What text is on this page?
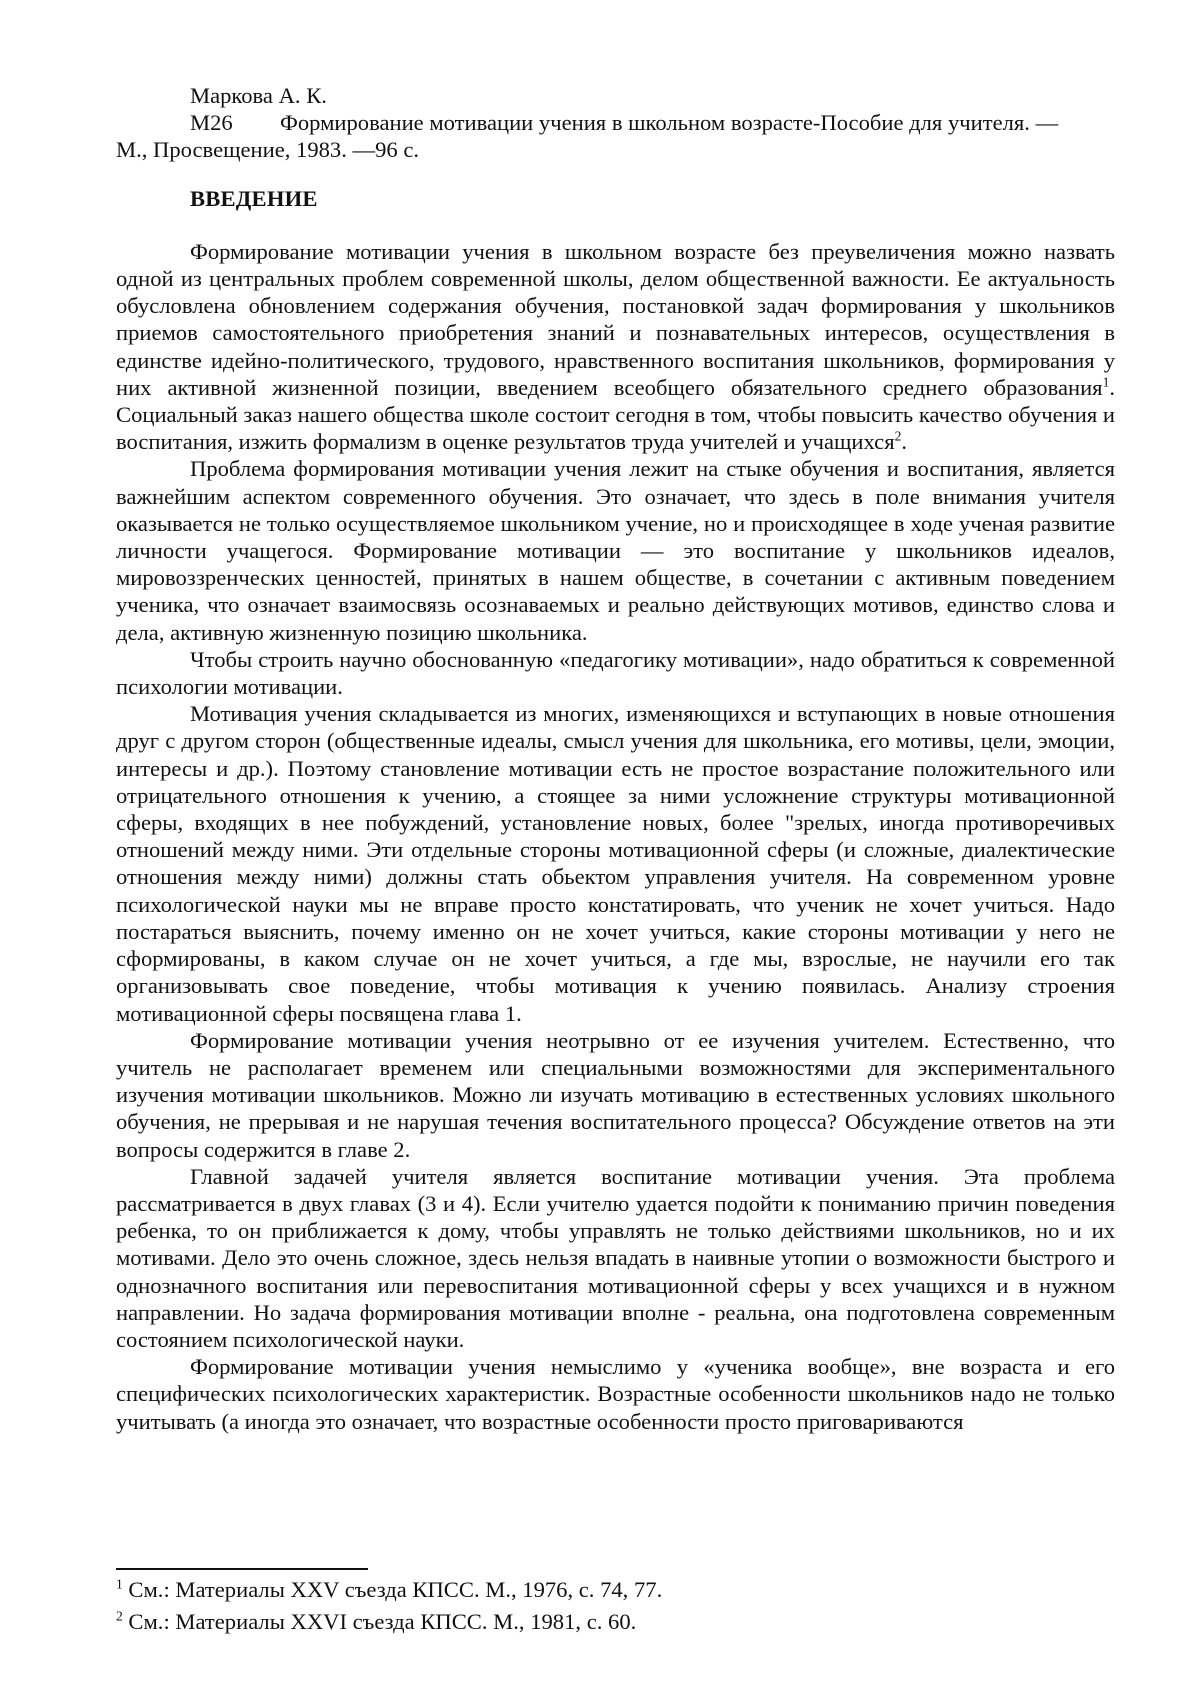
Маркова А. К.

М26 Формирование мотивации учения в школьном возрасте-Пособие для учителя. —

М., Просвещение, 1983. —96 с.

ВВЕДЕНИЕ

Формирование мотивации учения в школьном возрасте без преувеличения можно назвать одной из центральных проблем современной школы, делом общественной важности. Ее актуальность обусловлена обновлением содержания обучения, постановкой задач формирования у школьников приемов самостоятельного приобретения знаний и познавательных интересов, осуществления в единстве идейно-политического, трудового, нравственного воспитания школьников, формирования у них активной жизненной позиции, введением всеобщего обязательного среднего образования$^1$. Социальный заказ нашего общества школе состоит сегодня в том, чтобы повысить качество обучения и воспитания, изжить формализм в оценке результатов труда учителей и учащихся$^2$.

Проблема формирования мотивации учения лежит на стыке обучения и воспитания, является важнейшим аспектом современного обучения. Это означает, что здесь в поле внимания учителя оказывается не только осуществляемое школьником учение, но и происходящее в ходе ученая развитие личности учащегося. Формирование мотивации — это воспитание у школьников идеалов, мировоззренческих ценностей, принятых в нашем обществе, в сочетании с активным поведением ученика, что означает взаимосвязь осознаваемых и реально действующих мотивов, единство слова и дела, активную жизненную позицию школьника.

Чтобы строить научно обоснованную «педагогику мотивации», надо обратиться к современной психологии мотивации.

Мотивация учения складывается из многих, изменяющихся и вступающих в новые отношения друг с другом сторон (общественные идеалы, смысл учения для школьника, его мотивы, цели, эмоции, интересы и др.). Поэтому становление мотивации есть не простое возрастание положительного или отрицательного отношения к учению, а стоящее за ними усложнение структуры мотивационной сферы, входящих в нее побуждений, установление новых, более "зрелых, иногда противоречивых отношений между ними. Эти отдельные стороны мотивационной сферы (и сложные, диалектические отношения между ними) должны стать обьектом управления учителя. На современном уровне психологической науки мы не вправе просто констатировать, что ученик не хочет учиться. Надо постараться выяснить, почему именно он не хочет учиться, какие стороны мотивации у него не сформированы, в каком случае он не хочет учиться, а где мы, взрослые, не научили его так организовывать свое поведение, чтобы мотивация к учению появилась. Анализу строения мотивационной сферы посвящена глава 1.

Формирование мотивации учения неотрывно от ее изучения учителем. Естественно, что учитель не располагает временем или специальными возможностями для экспериментального изучения мотивации школьников. Можно ли изучать мотивацию в естественных условиях школьного обучения, не прерывая и не нарушая течения воспитательного процесса? Обсуждение ответов на эти вопросы содержится в главе 2.

Главной задачей учителя является воспитание мотивации учения. Эта проблема рассматривается в двух главах (3 и 4). Если учителю удается подойти к пониманию причин поведения ребенка, то он приближается к дому, чтобы управлять не только действиями школьников, но и их мотивами. Дело это очень сложное, здесь нельзя впадать в наивные утопии о возможности быстрого и однозначного воспитания или перевоспитания мотивационной сферы у всех учащихся и в нужном направлении. Но задача формирования мотивации вполне - реальна, она подготовлена современным состоянием психологической науки.

Формирование мотивации учения немыслимо у «ученика вообще», вне возраста и его специфических психологических характеристик. Возрастные особенности школьников надо не только учитывать (а иногда это означает, что возрастные особенности просто приговариваются

$^1$ См.: Материалы XXV съезда КПСС. М., 1976, с. 74, 77.

$^2$ См.: Материалы XXVI съезда КПСС. М., 1981, с. 60.
